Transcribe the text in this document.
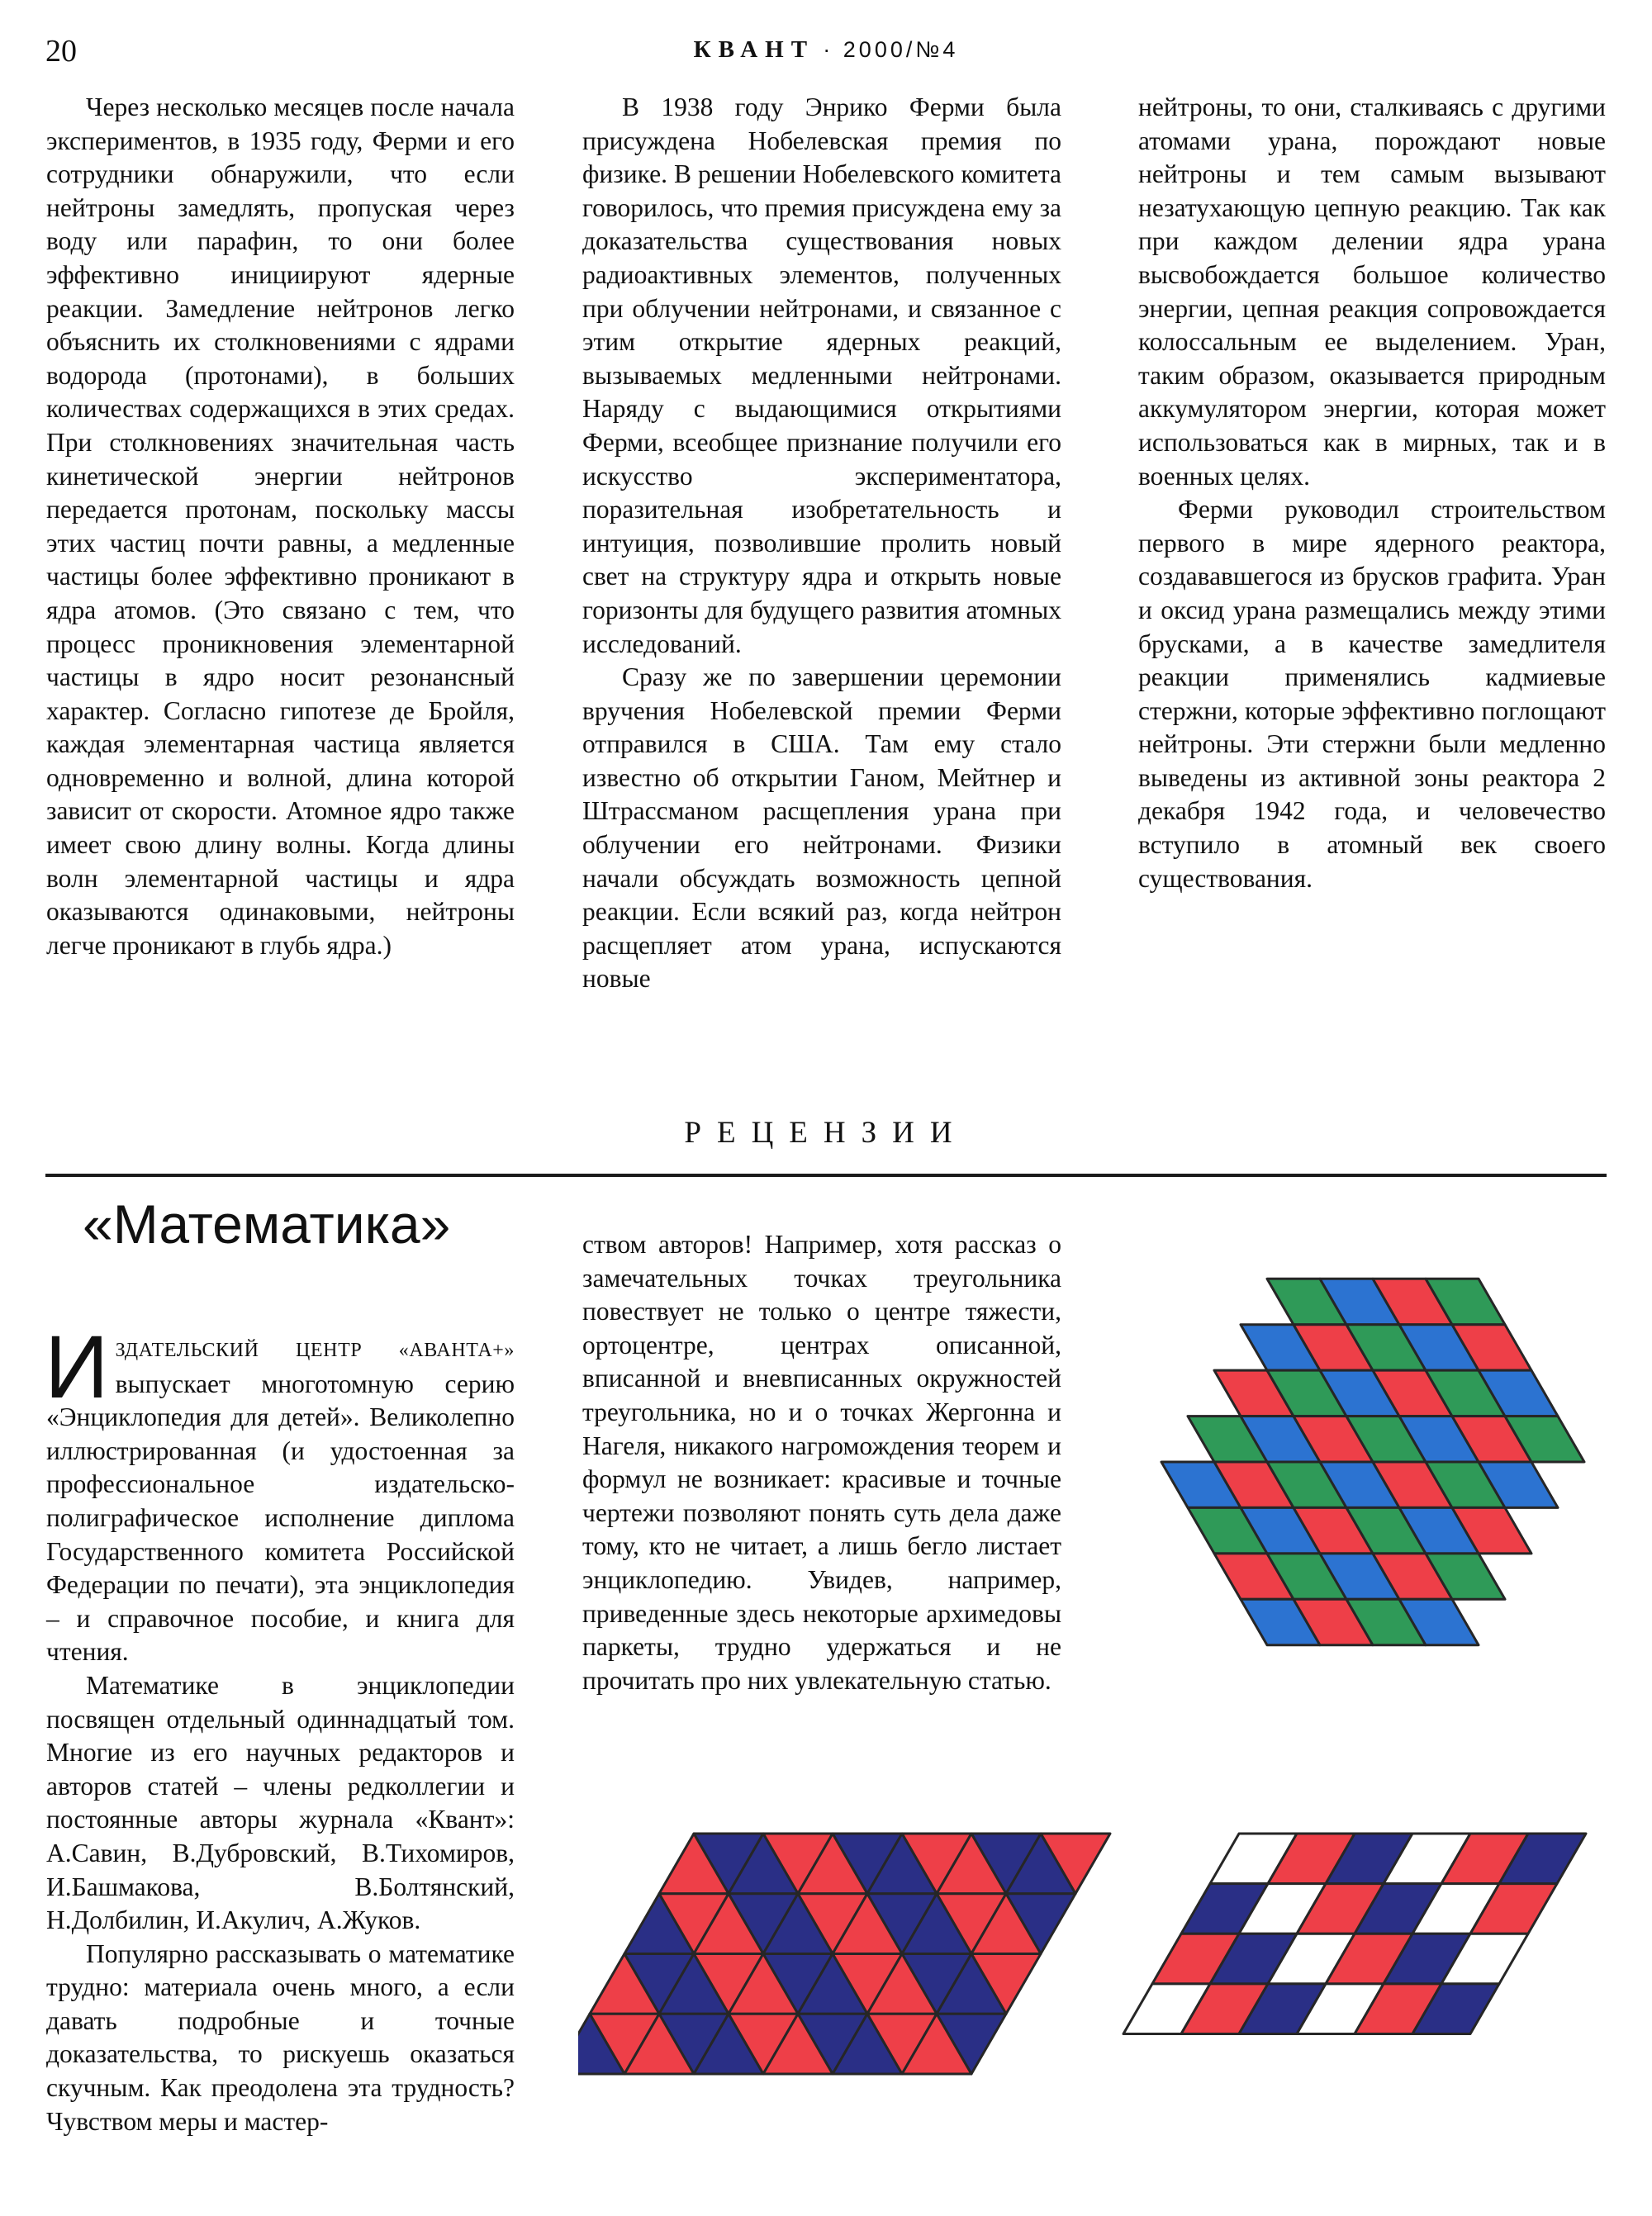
20	КВАНТ · 2000/№4

Через несколько месяцев после начала экспериментов, в 1935 году, Ферми и его сотрудники обнаружили, что если нейтроны замедлять, пропуская через воду или парафин, то они более эффективно инициируют ядерные реакции. Замедление нейтронов легко объяснить их столкновениями с ядрами водорода (протонами), в больших количествах содержащихся в этих средах. При столкновениях значительная часть кинетической энергии нейтронов передается протонам, поскольку массы этих частиц почти равны, а медленные частицы более эффективно проникают в ядра атомов. (Это связано с тем, что процесс проникновения элементарной частицы в ядро носит резонансный характер. Согласно гипотезе де Бройля, каждая элементарная частица является одновременно и волной, длина которой зависит от скорости. Атомное ядро также имеет свою длину волны. Когда длины волн элементарной частицы и ядра оказываются одинаковыми, нейтроны легче проникают в глубь ядра.)

В 1938 году Энрико Ферми была присуждена Нобелевская премия по физике. В решении Нобелевского комитета говорилось, что премия присуждена ему за доказательства существования новых радиоактивных элементов, полученных при облучении нейтронами, и связанное с этим открытие ядерных реакций, вызываемых медленными нейтронами. Наряду с выдающимися открытиями Ферми, всеобщее признание получили его искусство экспериментатора, поразительная изобретательность и интуиция, позволившие пролить новый свет на структуру ядра и открыть новые горизонты для будущего развития атомных исследований.

Сразу же по завершении церемонии вручения Нобелевской премии Ферми отправился в США. Там ему стало известно об открытии Ганом, Мейтнер и Штрассманом расщепления урана при облучении его нейтронами. Физики начали обсуждать возможность цепной реакции. Если всякий раз, когда нейтрон расщепляет атом урана, испускаются новые

нейтроны, то они, сталкиваясь с другими атомами урана, порождают новые нейтроны и тем самым вызывают незатухающую цепную реакцию. Так как при каждом делении ядра урана высвобождается большое количество энергии, цепная реакция сопровождается колоссальным ее выделением. Уран, таким образом, оказывается природным аккумулятором энергии, которая может использоваться как в мирных, так и в военных целях.

Ферми руководил строительством первого в мире ядерного реактора, создававшегося из брусков графита. Уран и оксид урана размещались между этими брусками, а в качестве замедлителя реакции применялись кадмиевые стержни, которые эффективно поглощают нейтроны. Эти стержни были медленно выведены из активной зоны реактора 2 декабря 1942 года, и человечество вступило в атомный век своего существования.

РЕЦЕНЗИИ
«Математика»

ИЗДАТЕЛЬСКИЙ ЦЕНТР «АВАНТА+» выпускает многотомную серию «Энциклопедия для детей». Великолепно иллюстрированная (и удостоенная за профессиональное издательско-полиграфическое исполнение диплома Государственного комитета Российской Федерации по печати), эта энциклопедия – и справочное пособие, и книга для чтения.

Математике в энциклопедии посвящен отдельный одиннадцатый том. Многие из его научных редакторов и авторов статей – члены редколлегии и постоянные авторы журнала «Квант»: А.Савин, В.Дубровский, В.Тихомиров, И.Башмакова, В.Болтянский, Н.Долбилин, И.Акулич, А.Жуков.

Популярно рассказывать о математике трудно: материала очень много, а если давать подробные и точные доказательства, то рискуешь оказаться скучным. Как преодолена эта трудность? Чувством меры и мастер-

ством авторов! Например, хотя рассказ о замечательных точках треугольника повествует не только о центре тяжести, ортоцентре, центрах описанной, вписанной и вневписанных окружностей треугольника, но и о точках Жергонна и Нагеля, никакого нагромождения теорем и формул не возникает: красивые и точные чертежи позволяют понять суть дела даже тому, кто не читает, а лишь бегло листает энциклопедию. Увидев, например, приведенные здесь некоторые архимедовы паркеты, трудно удержаться и не прочитать про них увлекательную статью.
